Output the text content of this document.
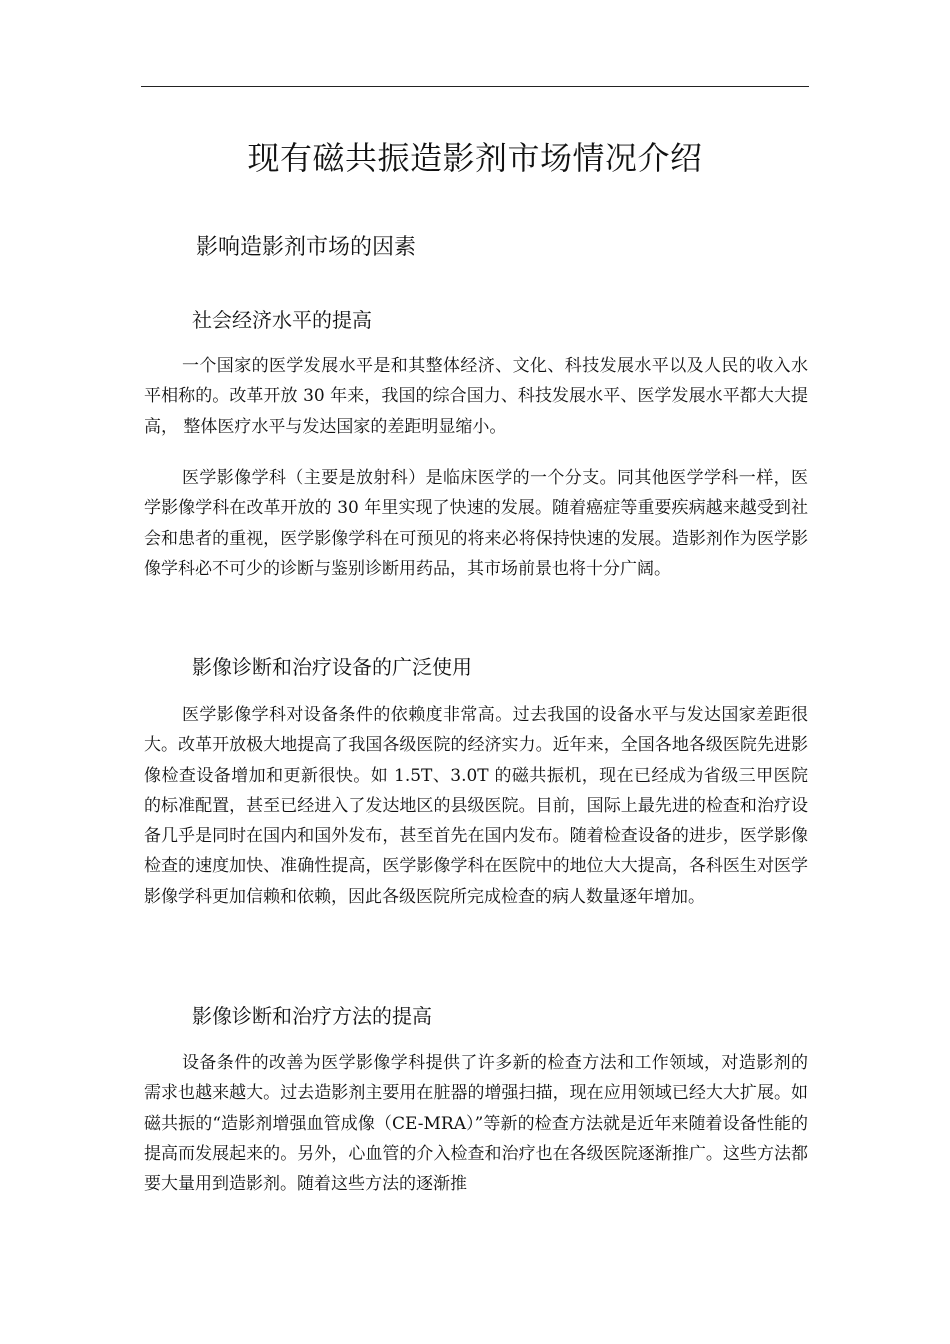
现有磁共振造影剂市场情况介绍
影响造影剂市场的因素
社会经济水平的提高

一个国家的医学发展水平是和其整体经济、文化、科技发展水平以及人民的收入水平相称的。改革开放 30 年来，我国的综合国力、科技发展水平、医学发展水平都大大提高， 整体医疗水平与发达国家的差距明显缩小。

医学影像学科（主要是放射科）是临床医学的一个分支。同其他医学学科一样，医学影像学科在改革开放的 30 年里实现了快速的发展。随着癌症等重要疾病越来越受到社会和患者的重视，医学影像学科在可预见的将来必将保持快速的发展。造影剂作为医学影像学科必不可少的诊断与鉴别诊断用药品，其市场前景也将十分广阔。

影像诊断和治疗设备的广泛使用

医学影像学科对设备条件的依赖度非常高。过去我国的设备水平与发达国家差距很大。改革开放极大地提高了我国各级医院的经济实力。近年来，全国各地各级医院先进影像检查设备增加和更新很快。如 1.5T、3.0T 的磁共振机，现在已经成为省级三甲医院的标准配置，甚至已经进入了发达地区的县级医院。目前，国际上最先进的检查和治疗设备几乎是同时在国内和国外发布，甚至首先在国内发布。随着检查设备的进步，医学影像检查的速度加快、准确性提高，医学影像学科在医院中的地位大大提高，各科医生对医学影像学科更加信赖和依赖，因此各级医院所完成检查的病人数量逐年增加。

影像诊断和治疗方法的提高

设备条件的改善为医学影像学科提供了许多新的检查方法和工作领域，对造影剂的需求也越来越大。过去造影剂主要用在脏器的增强扫描，现在应用领域已经大大扩展。如磁共振的“造影剂增强血管成像（CE-MRA）”等新的检查方法就是近年来随着设备性能的提高而发展起来的。另外，心血管的介入检查和治疗也在各级医院逐渐推广。这些方法都要大量用到造影剂。随着这些方法的逐渐推
